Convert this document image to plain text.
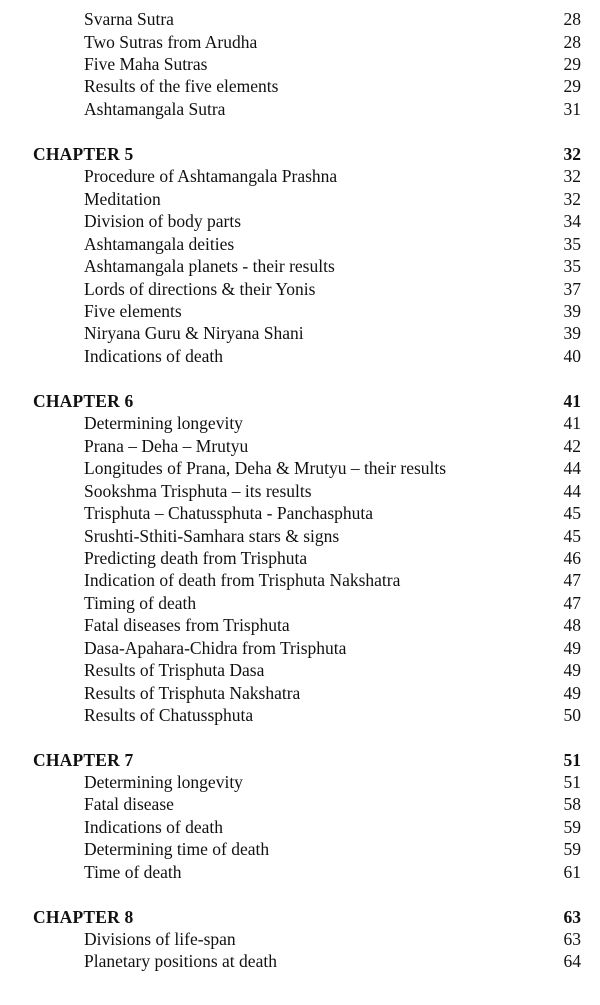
Svarna Sutra	28
Two Sutras from Arudha	28
Five Maha Sutras	29
Results of the five elements	29
Ashtamangala Sutra	31
CHAPTER 5	32
Procedure of Ashtamangala Prashna	32
Meditation	32
Division of body parts	34
Ashtamangala deities	35
Ashtamangala planets - their results	35
Lords of directions & their Yonis	37
Five elements	39
Niryana Guru & Niryana Shani	39
Indications of death	40
CHAPTER 6	41
Determining longevity	41
Prana – Deha – Mrutyu	42
Longitudes of Prana, Deha & Mrutyu – their results	44
Sookshma Trisphuta – its results	44
Trisphuta – Chatussphuta - Panchasphuta	45
Srushti-Sthiti-Samhara stars & signs	45
Predicting death from Trisphuta	46
Indication of death from Trisphuta Nakshatra	47
Timing of death	47
Fatal diseases from Trisphuta	48
Dasa-Apahara-Chidra from Trisphuta	49
Results of Trisphuta Dasa	49
Results of Trisphuta Nakshatra	49
Results of Chatussphuta	50
CHAPTER 7	51
Determining longevity	51
Fatal disease	58
Indications of death	59
Determining time of death	59
Time of death	61
CHAPTER 8	63
Divisions of life-span	63
Planetary positions at death	64
